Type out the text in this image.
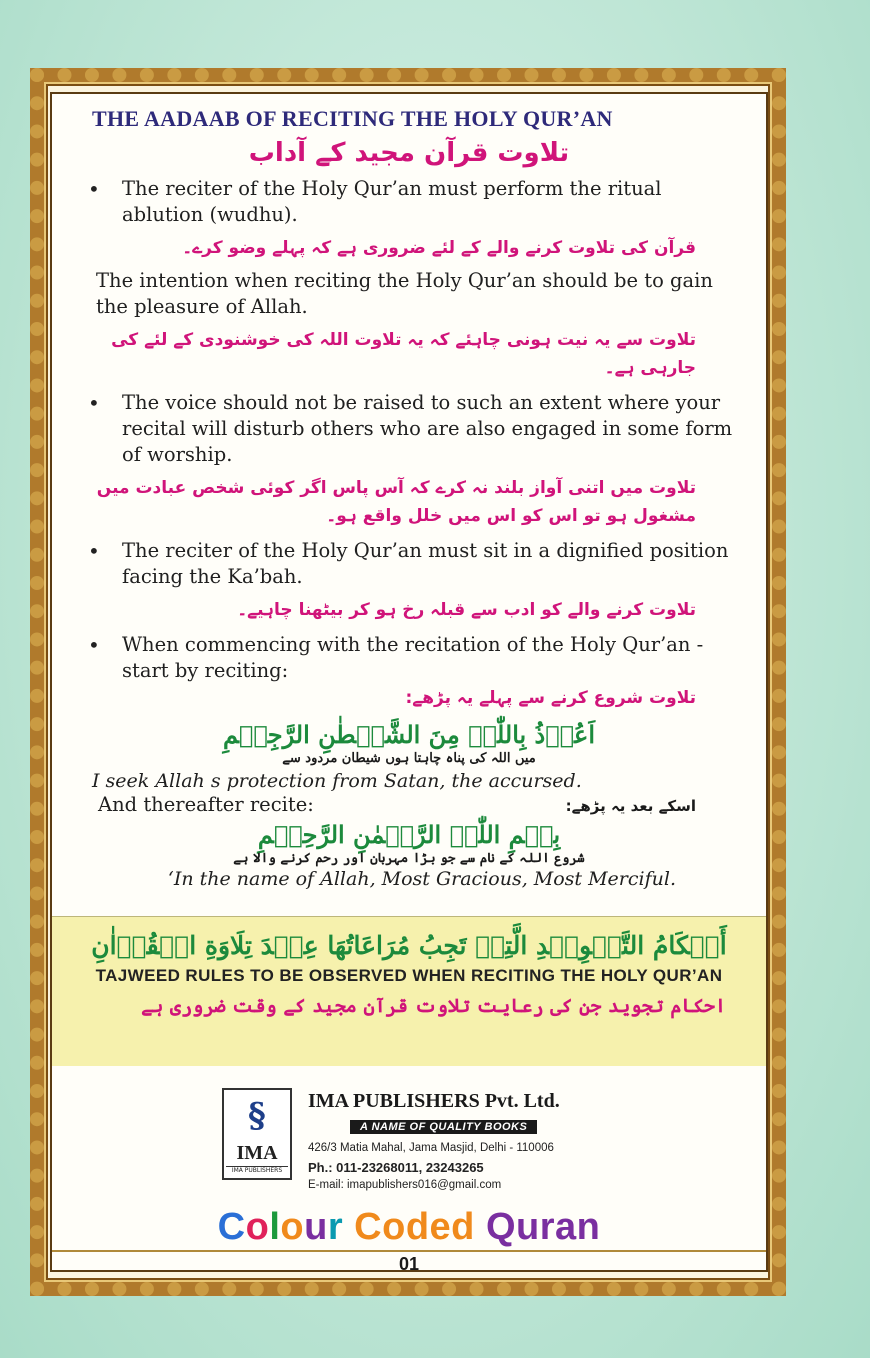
THE AADAAB OF RECITING THE HOLY QUR’AN
تلاوت قرآن مجید کے آداب
• The reciter of the Holy Qur’an must perform the ritual ablution (wudhu).
قرآن کی تلاوت کرنے والے کے لئے ضروری ہے کہ پہلے وضو کرے۔
The intention when reciting the Holy Qur’an should be to gain the pleasure of Allah.
تلاوت سے یہ نیت ہونی چاہئے کہ یہ تلاوت اللہ کی خوشنودی کے لئے کی جارہی ہے۔
• The voice should not be raised to such an extent where your recital will disturb others who are also engaged in some form of worship.
تلاوت میں اتنی آواز بلند نہ کرے کہ آس پاس اگر کوئی شخص عبادت میں مشغول ہو تو اس کو اس میں خلل واقع ہو۔
• The reciter of the Holy Qur’an must sit in a dignified position facing the Ka’bah.
تلاوت کرنے والے کو ادب سے قبلہ رخ ہو کر بیٹھنا چاہیے۔
• When commencing with the recitation of the Holy Qur’an - start by reciting:
تلاوت شروع کرنے سے پہلے یہ پڑھے:
اَعُوۡذُ بِاللّٰہِ مِنَ الشَّیۡطٰنِ الرَّجِیۡمِ
میں اللہ کی پناہ چاہتا ہوں شیطان مردود سے
I seek Allah s protection from Satan, the accursed.
And thereafter recite:	اسکے بعد یہ پڑھے:
بِسۡمِ اللّٰہِ الرَّحۡمٰنِ الرَّحِیۡمِ
شروع اللہ کے نام سے جو بڑا مہربان اور رحم کرنے والا ہے
‘In the name of Allah, Most Gracious, Most Merciful.
أَحۡكَامُ التَّجۡوِيۡدِ الَّتِيۡ تَجِبُ مُرَاعَاتُهَا عِنۡدَ تِلَاوَةِ الۡقُرۡاٰنِ
TAJWEED RULES TO BE OBSERVED WHEN RECITING THE HOLY QUR’AN
احکام تجوید جن کی رعایت تلاوت قرآن مجید کے وقت ضروری ہے
§
IMA
IMA PUBLISHERS
IMA PUBLISHERS Pvt. Ltd.
A NAME OF QUALITY BOOKS
426/3 Matia Mahal, Jama Masjid, Delhi - 110006
Ph.: 011-23268011, 23243265
E-mail: imapublishers016@gmail.com
Colour Coded Quran
01
